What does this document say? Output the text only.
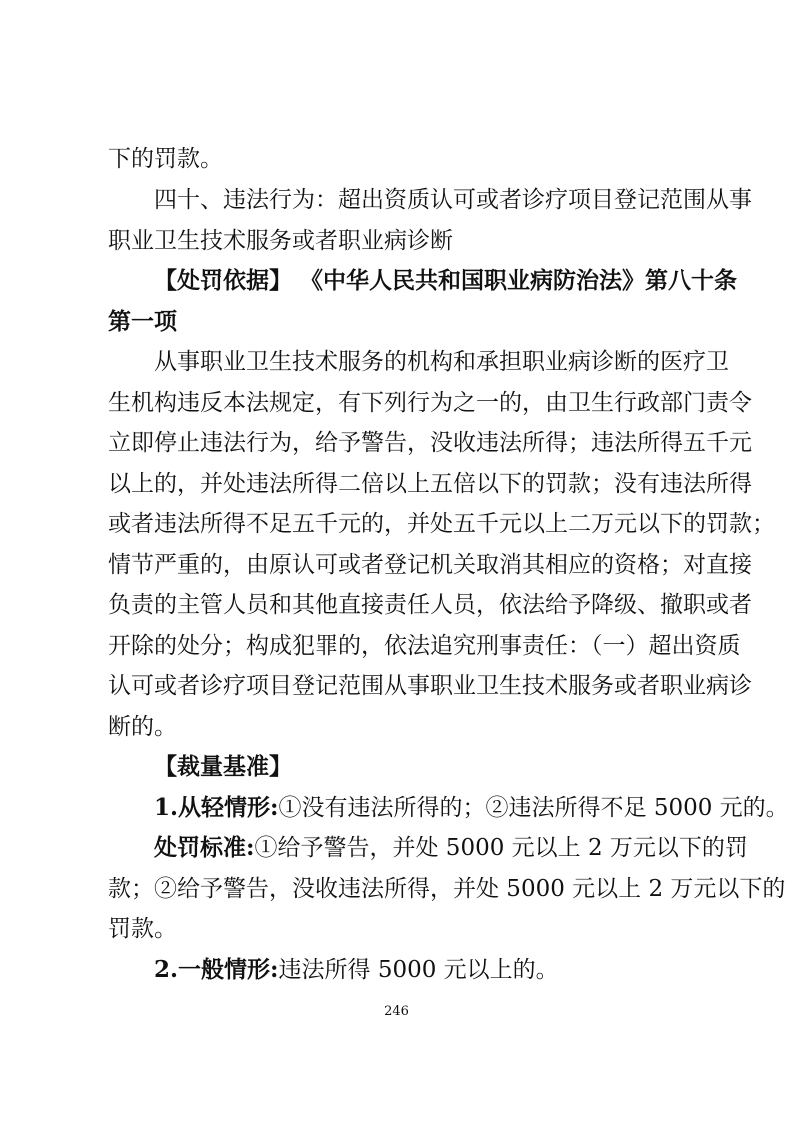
下的罚款。
四十、违法行为：超出资质认可或者诊疗项目登记范围从事
职业卫生技术服务或者职业病诊断
【处罚依据】 《中华人民共和国职业病防治法》第八十条
第一项
从事职业卫生技术服务的机构和承担职业病诊断的医疗卫
生机构违反本法规定，有下列行为之一的，由卫生行政部门责令
立即停止违法行为，给予警告，没收违法所得；违法所得五千元
以上的，并处违法所得二倍以上五倍以下的罚款；没有违法所得
或者违法所得不足五千元的，并处五千元以上二万元以下的罚款；
情节严重的，由原认可或者登记机关取消其相应的资格；对直接
负责的主管人员和其他直接责任人员，依法给予降级、撤职或者
开除的处分；构成犯罪的，依法追究刑事责任：（一）超出资质
认可或者诊疗项目登记范围从事职业卫生技术服务或者职业病诊
断的。
【裁量基准】
1.从轻情形:①没有违法所得的；②违法所得不足 5000 元的。
处罚标准:①给予警告，并处 5000 元以上 2 万元以下的罚
款；②给予警告，没收违法所得，并处 5000 元以上 2 万元以下的
罚款。
2.一般情形:违法所得 5000 元以上的。
246
